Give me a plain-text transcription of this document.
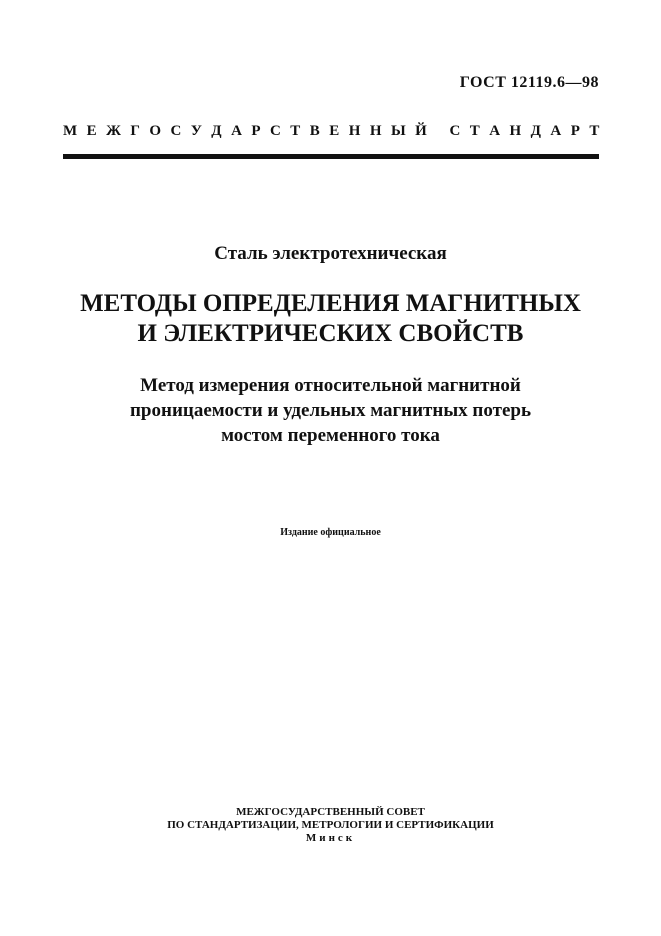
ГОСТ 12119.6—98

М Е Ж Г О С У Д А Р С Т В Е Н Н Ы Й С Т А Н Д А Р Т

Сталь электротехническая

МЕТОДЫ ОПРЕДЕЛЕНИЯ МАГНИТНЫХ
И ЭЛЕКТРИЧЕСКИХ СВОЙСТВ
Метод измерения относительной магнитной
проницаемости и удельных магнитных потерь
мостом переменного тока

Издание официальное

МЕЖГОСУДАРСТВЕННЫЙ СОВЕТ
ПО СТАНДАРТИЗАЦИИ, МЕТРОЛОГИИ И СЕРТИФИКАЦИИ
Минск
